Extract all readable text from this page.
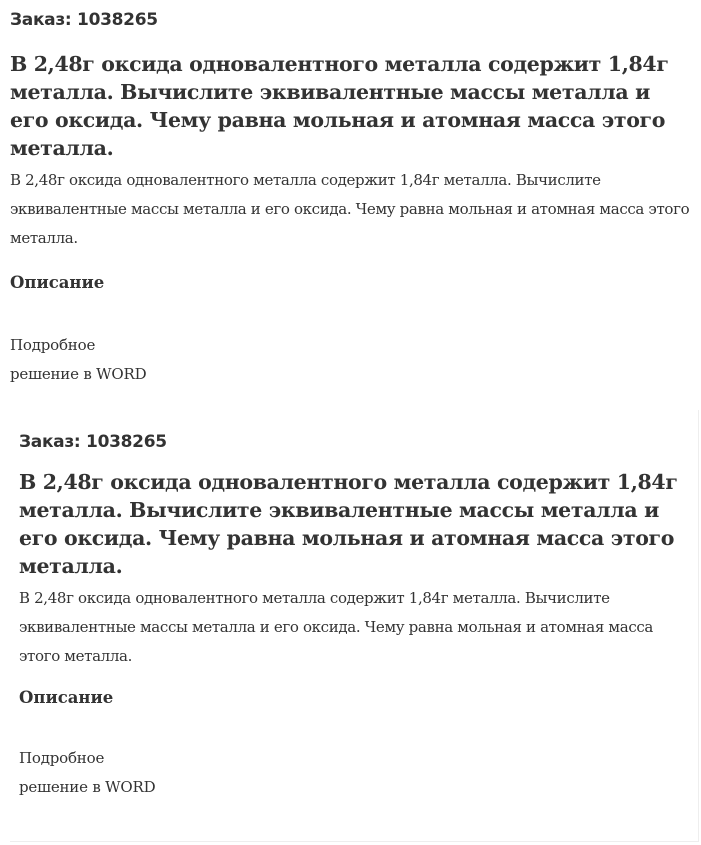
Заказ: 1038265

В 2,48г оксида одновалентного металла содержит 1,84г металла. Вычислите эквивалентные массы металла и его оксида. Чему равна мольная и атомная масса этого металла.

В 2,48г оксида одновалентного металла содержит 1,84г металла. Вычислите эквивалентные массы металла и его оксида. Чему равна мольная и атомная масса этого металла.

Описание

Подробное
решение в WORD

Заказ: 1038265

В 2,48г оксида одновалентного металла содержит 1,84г металла. Вычислите эквивалентные массы металла и его оксида. Чему равна мольная и атомная масса этого металла.

В 2,48г оксида одновалентного металла содержит 1,84г металла. Вычислите эквивалентные массы металла и его оксида. Чему равна мольная и атомная масса этого металла.

Описание

Подробное
решение в WORD
